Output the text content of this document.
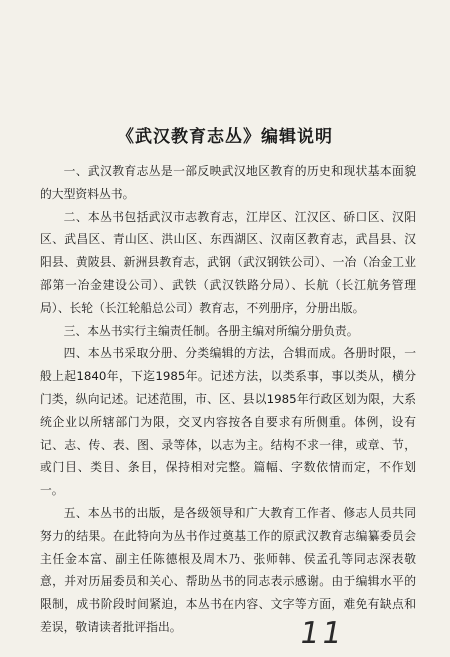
《武汉教育志丛》编辑说明

一、武汉教育志丛是一部反映武汉地区教育的历史和现状基本面貌的大型资料丛书。

二、本丛书包括武汉市志教育志，江岸区、江汉区、硚口区、汉阳区、武昌区、青山区、洪山区、东西湖区、汉南区教育志，武昌县、汉阳县、黄陂县、新洲县教育志，武钢（武汉钢铁公司）、一冶（冶金工业部第一冶金建设公司）、武铁（武汉铁路分局）、长航（长江航务管理局）、长轮（长江轮船总公司）教育志，不列册序，分册出版。

三、本丛书实行主编责任制。各册主编对所编分册负责。

四、本丛书采取分册、分类编辑的方法，合辑而成。各册时限，一般上起1840年，下迄1985年。记述方法，以类系事，事以类从，横分门类，纵向记述。记述范围，市、区、县以1985年行政区划为限，大系统企业以所辖部门为限，交叉内容按各自要求有所侧重。体例，设有记、志、传、表、图、录等体，以志为主。结构不求一律，或章、节，或门目、类目、条目，保持相对完整。篇幅、字数依情而定，不作划一。

五、本丛书的出版，是各级领导和广大教育工作者、修志人员共同努力的结果。在此特向为丛书作过奠基工作的原武汉教育志编纂委员会主任金本富、副主任陈德根及周木乃、张师韩、侯孟孔等同志深表敬意，并对历届委员和关心、帮助丛书的同志表示感谢。由于编辑水平的限制，成书阶段时间紧迫，本丛书在内容、文字等方面，难免有缺点和差误，敬请读者批评指出。	11
